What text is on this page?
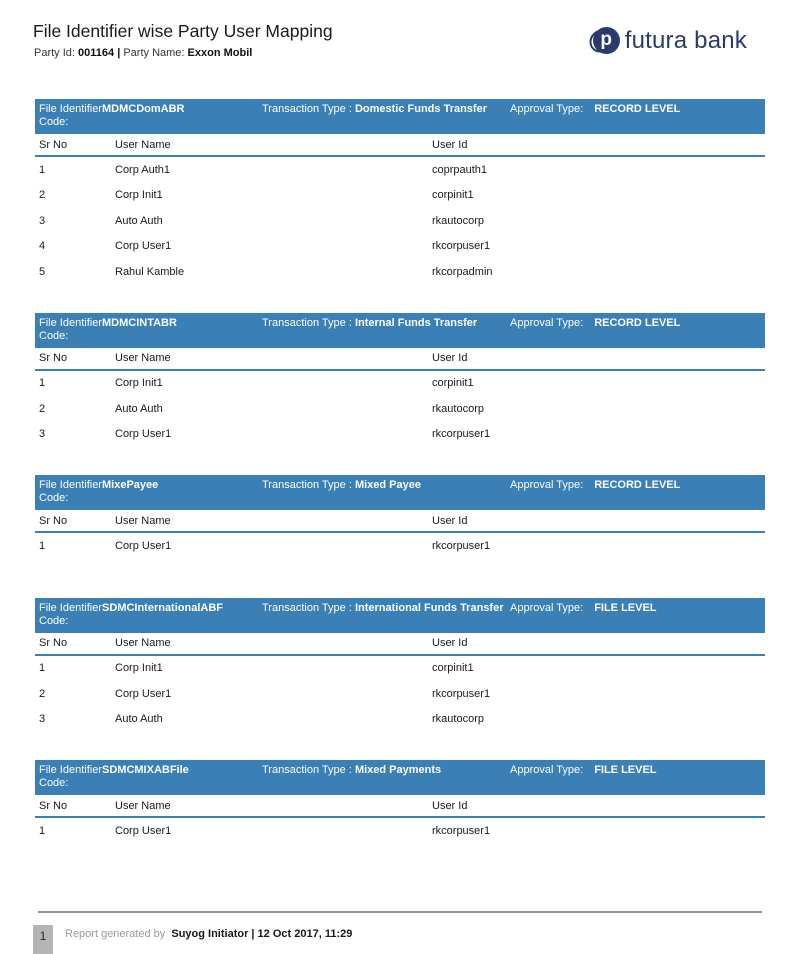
File Identifier wise Party User Mapping
Party Id: 001164 | Party Name: Exxon Mobil
p futura bank
File Identifier Code:
MDMCDomABR	Transaction Type : Domestic Funds Transfer	Approval Type: RECORD LEVEL
Sr No	User Name	User Id
1	Corp Auth1	coprpauth1
2	Corp Init1	corpinit1
3	Auto Auth	rkautocorp
4	Corp User1	rkcorpuser1
5	Rahul Kamble	rkcorpadmin
File Identifier Code:
MDMCINTABR	Transaction Type : Internal Funds Transfer	Approval Type: RECORD LEVEL
Sr No	User Name	User Id
1	Corp Init1	corpinit1
2	Auto Auth	rkautocorp
3	Corp User1	rkcorpuser1
File Identifier Code:
MixePayee	Transaction Type : Mixed Payee	Approval Type: RECORD LEVEL
Sr No	User Name	User Id
1	Corp User1	rkcorpuser1
File Identifier Code:
SDMCInternationalABF	Transaction Type : International Funds Transfer Approval Type: FILE LEVEL
Sr No	User Name	User Id
1	Corp Init1	corpinit1
2	Corp User1	rkcorpuser1
3	Auto Auth	rkautocorp
File Identifier Code:
SDMCMIXABFile	Transaction Type : Mixed Payments	Approval Type: FILE LEVEL
Sr No	User Name	User Id
1	Corp User1	rkcorpuser1
1	Report generated by Suyog Initiator | 12 Oct 2017, 11:29
